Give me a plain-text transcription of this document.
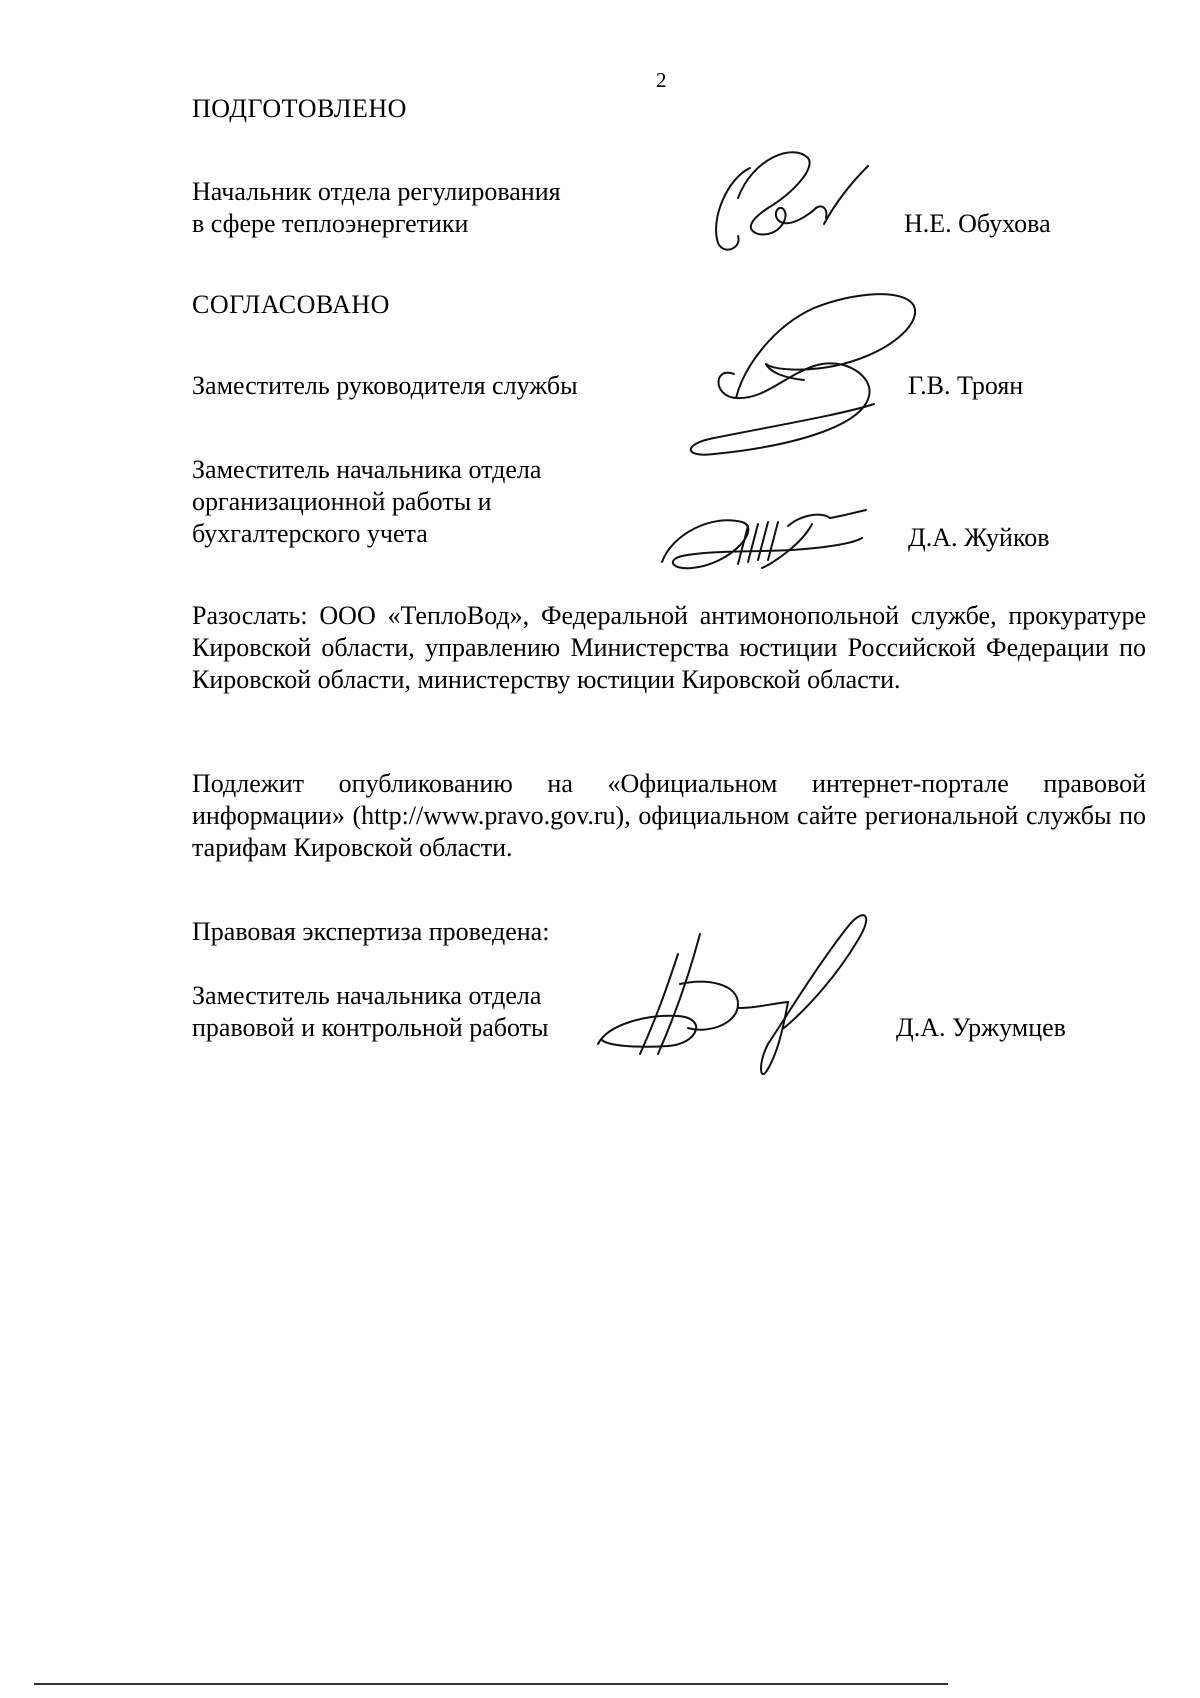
2
ПОДГОТОВЛЕНО
Начальник отдела регулирования
в сфере теплоэнергетики	Н.Е. Обухова
СОГЛАСОВАНО
Заместитель руководителя службы	Г.В. Троян
Заместитель начальника отдела
организационной работы и
бухгалтерского учета	Д.А. Жуйков
Разослать: ООО «ТеплоВод», Федеральной антимонопольной службе, прокуратуре Кировской области, управлению Министерства юстиции Российской Федерации по Кировской области, министерству юстиции Кировской области.
Подлежит опубликованию на «Официальном интернет-портале правовой информации» (http://www.pravo.gov.ru), официальном сайте региональной службы по тарифам Кировской области.
Правовая экспертиза проведена:
Заместитель начальника отдела
правовой и контрольной работы	Д.А. Уржумцев
